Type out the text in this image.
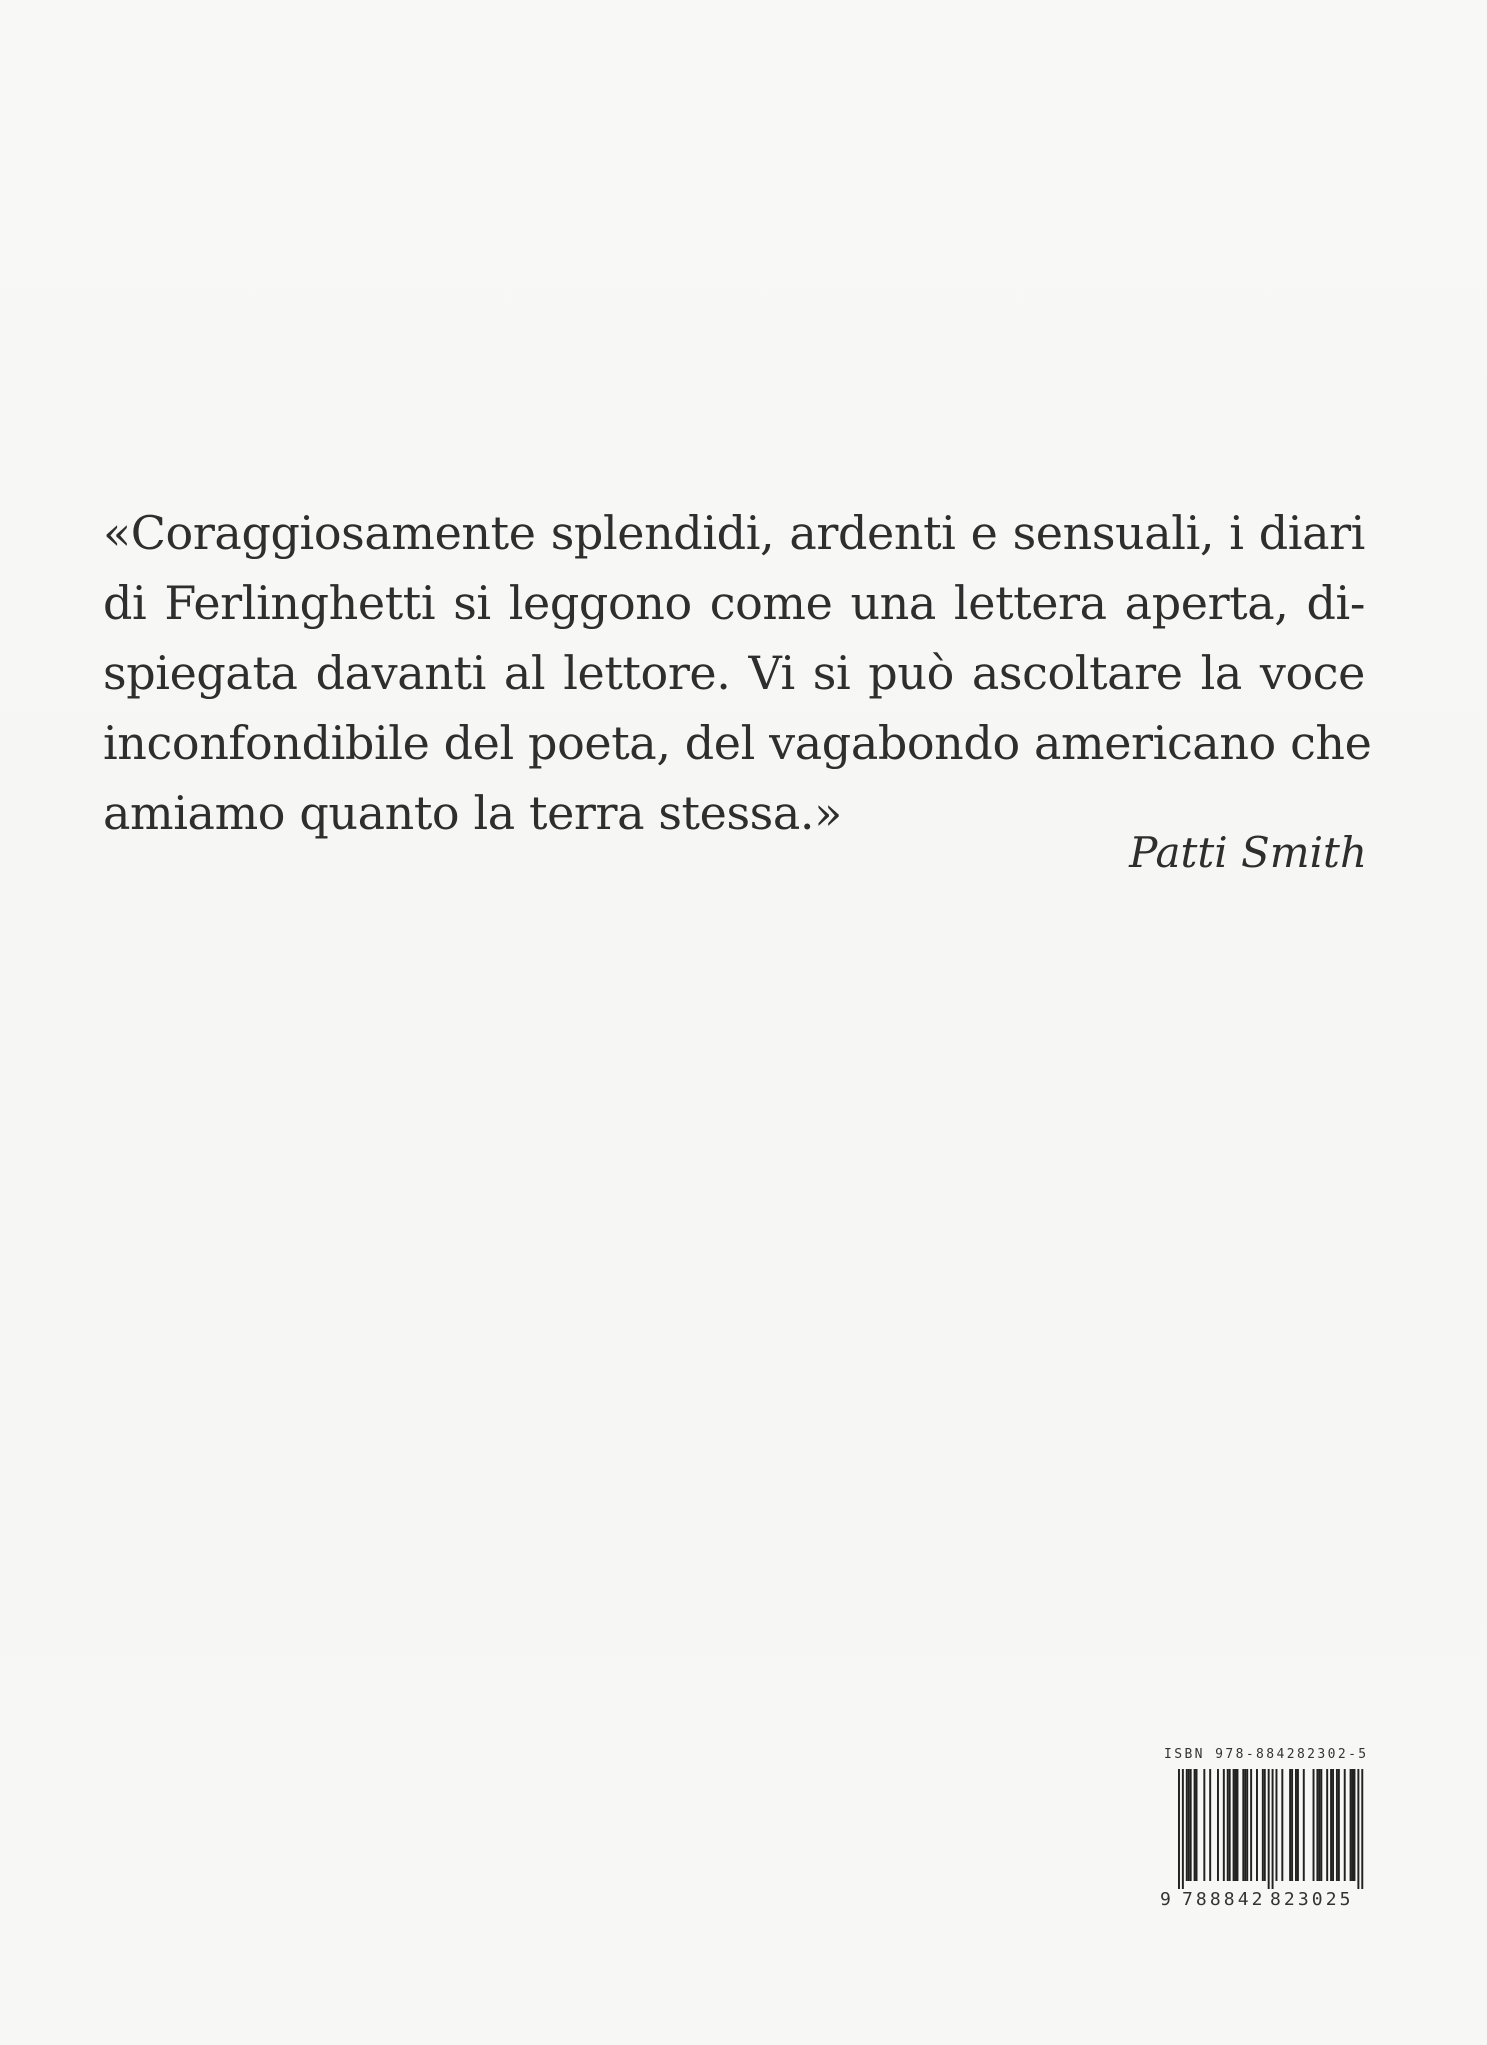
«Coraggiosamente splendidi, ardenti e sensuali, i diari
di Ferlinghetti si leggono come una lettera aperta, di-
spiegata davanti al lettore. Vi si può ascoltare la voce
inconfondibile del poeta, del vagabondo americano che
amiamo quanto la terra stessa.»
Patti Smith
ISBN 978-884282302-5
9 788842 823025
